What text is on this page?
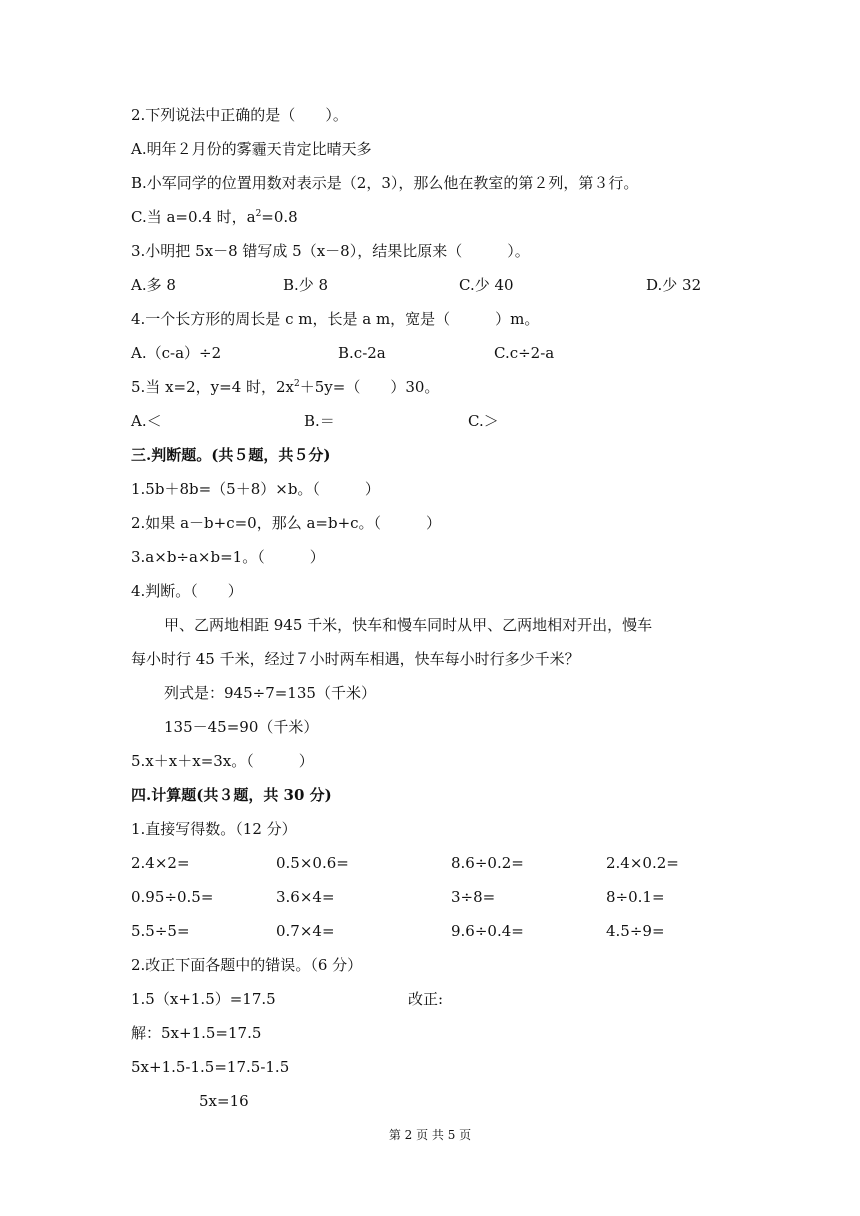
2.下列说法中正确的是（　　）。
A.明年２月份的雾霾天肯定比晴天多
B.小军同学的位置用数对表示是（2，3），那么他在教室的第２列，第３行。
C.当 a=0.4 时，$a^2=0.8$
3.小明把 5x－8 错写成 5（x－8），结果比原来（　　　）。
A.多 8	B.少 8	C.少 40	D.少 32
4.一个长方形的周长是 c m，长是 a m，宽是（　　　）m。
A.（c-a）÷2	B.c-2a	C.c÷2-a
5.当 x=2，y=4 时，$2x^2+5y=$（　　）30。
A.＜	B.＝	C.＞
三.判断题。(共５题，共５分)
1.5b＋8b=（5＋8）×b。（　　　）
2.如果 a－b+c=0，那么 a=b+c。（　　　）
3.a×b÷a×b=1。（　　　）
4.判断。（　　）
甲、乙两地相距 945 千米，快车和慢车同时从甲、乙两地相对开出，慢车
每小时行 45 千米，经过７小时两车相遇，快车每小时行多少千米？
列式是：945÷7=135（千米）
135－45=90（千米）
5.x＋x＋x=3x。（　　　）
四.计算题(共３题，共 30 分)
1.直接写得数。（12 分）
2.4×2=	0.5×0.6=	8.6÷0.2=	2.4×0.2=
0.95÷0.5=	3.6×4=	3÷8=	8÷0.1=
5.5÷5=	0.7×4=	9.6÷0.4=	4.5÷9=
2.改正下面各题中的错误。（6 分）
1.5（x+1.5）=17.5	改正:
解：5x+1.5=17.5
5x+1.5-1.5=17.5-1.5
5x=16
第 2 页 共 5 页
